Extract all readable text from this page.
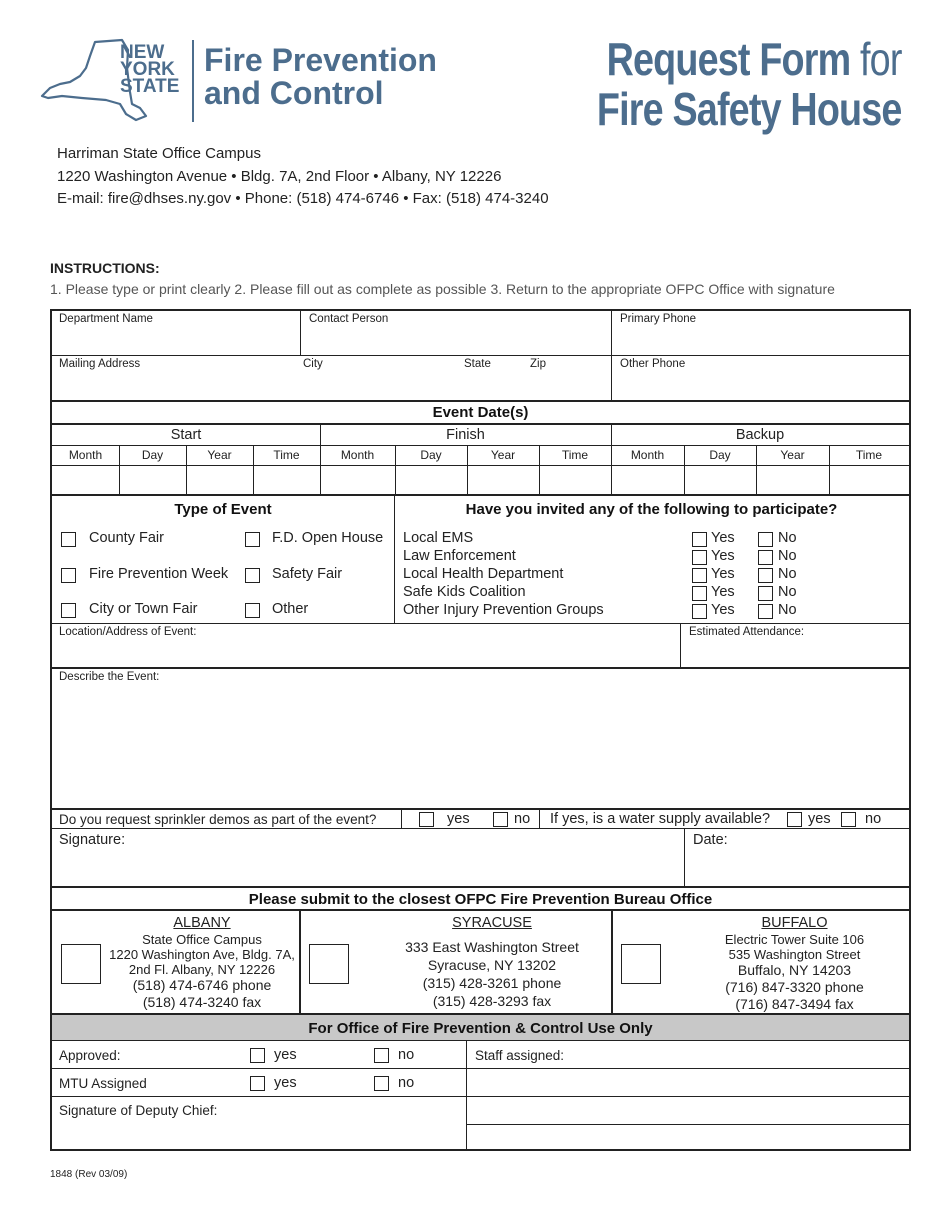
NEW
YORK
STATE
Fire Prevention
and Control
Request Form for
Fire Safety House
Harriman State Office Campus
1220 Washington Avenue • Bldg. 7A, 2nd Floor • Albany, NY 12226
E-mail: fire@dhses.ny.gov • Phone: (518) 474-6746 • Fax: (518) 474-3240
INSTRUCTIONS:
1. Please type or print clearly 2. Please fill out as complete as possible 3. Return to the appropriate OFPC Office with signature
Department Name	Contact Person	Primary Phone
Mailing Address	City	State	Zip	Other Phone
Event Date(s)
Start	Finish	Backup
Type of Event	Have you invited any of the following to participate?
County Fair	F.D. Open House
Fire Prevention Week	Safety Fair
City or Town Fair	Other
Location/Address of Event:	Estimated Attendance:
Describe the Event:
Do you request sprinkler demos as part of the event?	yes	no If yes, is a water supply available?	yes no
Signature:	Date:
Please submit to the closest OFPC Fire Prevention Bureau Office
ALBANY
State Office Campus
1220 Washington Ave, Bldg. 7A,
2nd Fl. Albany, NY 12226
(518) 474-6746 phone
(518) 474-3240 fax
SYRACUSE
333 East Washington Street
Syracuse, NY 13202
(315) 428-3261 phone
(315) 428-3293 fax
BUFFALO
Electric Tower Suite 106
535 Washington Street
Buffalo, NY 14203
(716) 847-3320 phone
(716) 847-3494 fax
For Office of Fire Prevention & Control Use Only
Approved:	yes	no	Staff assigned:
MTU Assigned	yes	no
Signature of Deputy Chief:
Month	Day	Year	Time	Month	Day	Year	Time	Month	Day	Year	Time
Local EMS	Yes	No
Law Enforcement	Yes	No
Local Health Department	Yes	No
Safe Kids Coalition	Yes	No
Other Injury Prevention Groups	Yes	No
1848 (Rev 03/09)
